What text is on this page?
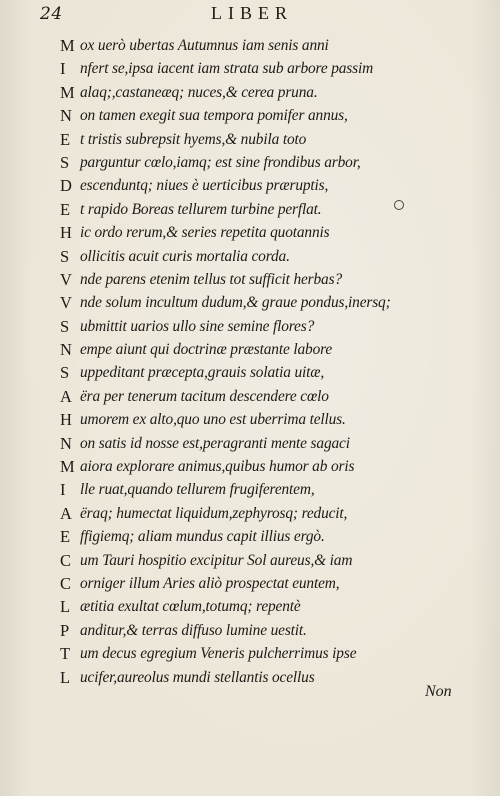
24	LIBER
M ox uerò ubertas Autumnus iam senis anni
I nfert se,ipsa iacent iam strata sub arbore passim
M alaq;,castaneæq; nuces,& cerea pruna.
N on tamen exegit sua tempora pomifer annus,
E t tristis subrepsit hyems,& nubila toto
S parguntur cœlo,iamq; est sine frondibus arbor,
D escenduntq; niues è uerticibus præruptis,
E t rapido Boreas tellurem turbine perflat.
H ic ordo rerum,& series repetita quotannis
S ollicitis acuit curis mortalia corda.
V nde parens etenim tellus tot sufficit herbas?
V nde solum incultum dudum,& graue pondus,inersq;
S ubmittit uarios ullo sine semine flores?
N empe aiunt qui doctrinæ præstante labore
S uppeditant præcepta,grauis solatia uitæ,
A ëra per tenerum tacitum descendere cœlo
H umorem ex alto,quo uno est uberrima tellus.
N on satis id nosse est,peragranti mente sagaci
M aiora explorare animus,quibus humor ab oris
I lle ruat,quando tellurem frugiferentem,
A ëraq; humectat liquidum,zephyrosq; reducit,
E ffigiemq; aliam mundus capit illius ergò.
C um Tauri hospitio excipitur Sol aureus,& iam
C orniger illum Aries aliò prospectat euntem,
L ætitia exultat cœlum,totumq; repentè
P anditur,& terras diffuso lumine uestit.
T um decus egregium Veneris pulcherrimus ipse
L ucifer,aureolus mundi stellantis ocellus
Non
